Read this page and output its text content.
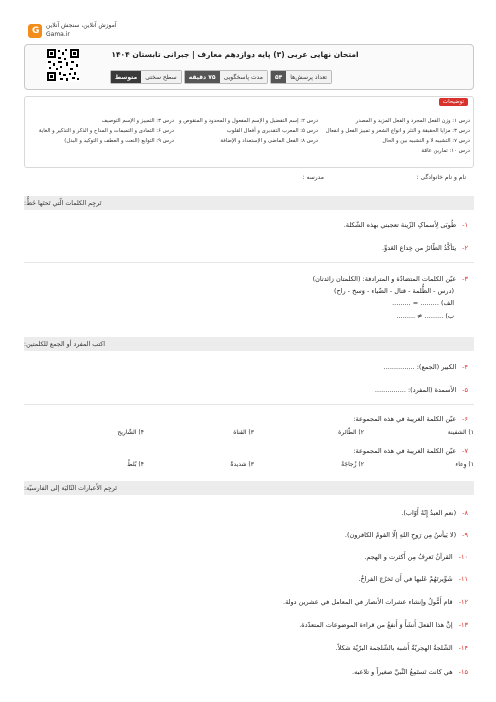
G
آموزش آنلاین، سنجش آنلاین
Gama.ir
امتحان نهایی عربی (۳) پایه دوازدهم معارف | جبرانی تابستان ۱۴۰۴
تعداد پرسش‌ها
۵۴
مدت پاسخگویی
۷۵ دقیقه
سطح سختی
متوسط
توضیحات
درس ۱: وزن الفعل المجرد و الفعل المزید و المصدر
درس ۳: مزایا الحقیقة و النثر و انواع الشعر و تمییز الفعل و انفعال
درس ۷: التشبیه لا و التشبیه بین و الحال
درس ۱۰: تمارین عامّة
درس ۲: إسم التفضیل و الإسم المفعول و المحدود و المنقوص و
درس ۵: المعرب التقدیری و أفعال القلوب
درس ۸: الفعل الماضی و الإستعداد و الإضافة
درس ۳: التمییز و الإسم التوصیف
درس ۶: التمادی و التمیمات و المداح و الذکر و التذکیر و الغایة
درس ۹: التوابع (النعت و العطف و التوکید و البدل)
نام و نام خانوادگی :
مدرسه :
تَرجِم الکلمات الّتي تَحتَها خَطٌّ:
۱-طُوبَی لِأسماکِ الزّینة تعجبني بهذه الشّکلة.
۲-يتَأكَّدُ الطّائرُ من خِداع العَدوِّ.
۳-عیّن الکلمات المتضادّة و المترادفة: (الکلمتان زائدتان)
(درس - الظُّلمة - قتال - الضّیاء - وَسخ - راح)
الف) ......... = .........
ب) ......... ≠ .........
اکتب المفرد أو الجمع للکلمتین:
۴-الکبیر (الجمع): ...............
۵-الأسمدة (المفرد): ...............
۶-عیّن الکلمة الغریبة في هذه المجموعة:
۱) الشفینة
۲) الطّائرة
۳) القناة
۴) الشّاریح
۷-عیّن الکلمة الغریبة في هذه المجموعة:
۱) وِعاء
۲) زُجاجَةٌ
۳) شدیدةٌ
۴) بُلطٌ
تَرجِم الأَعبارات التّالیَة إلی الفارسیّة:
۸-(نعم العبدُ إِنّهُ أَوّاب).
۹-(لا يَيأسُ مِن رَوحِ اللهِ إلّا القومُ الکافرون).
۱۰-القرآنُ تَعرِفُ مِن أَکثرت و الهجم.
۱۱-شَوِّیرتَهُمْ عَلیها في أَن تَخرُجَ الفراخُ.
۱۲-قام أَمُّولُ وإنشاء عشرات الأنصار في المعامل في عشرین دولة.
۱۳-إنَّ هذا الفعلَ أَنشَأَ وَ أَنفعُ من قراءة الموضوعات المتعدّدة.
۱۴-الشّلجةُ الهجریّةُ أَشبه بالشّلجمة البرّیّة شکلاً.
۱۵-هي کانت تَستَمِعُ النَّبيَّ صغیراً و تلاعبه.
